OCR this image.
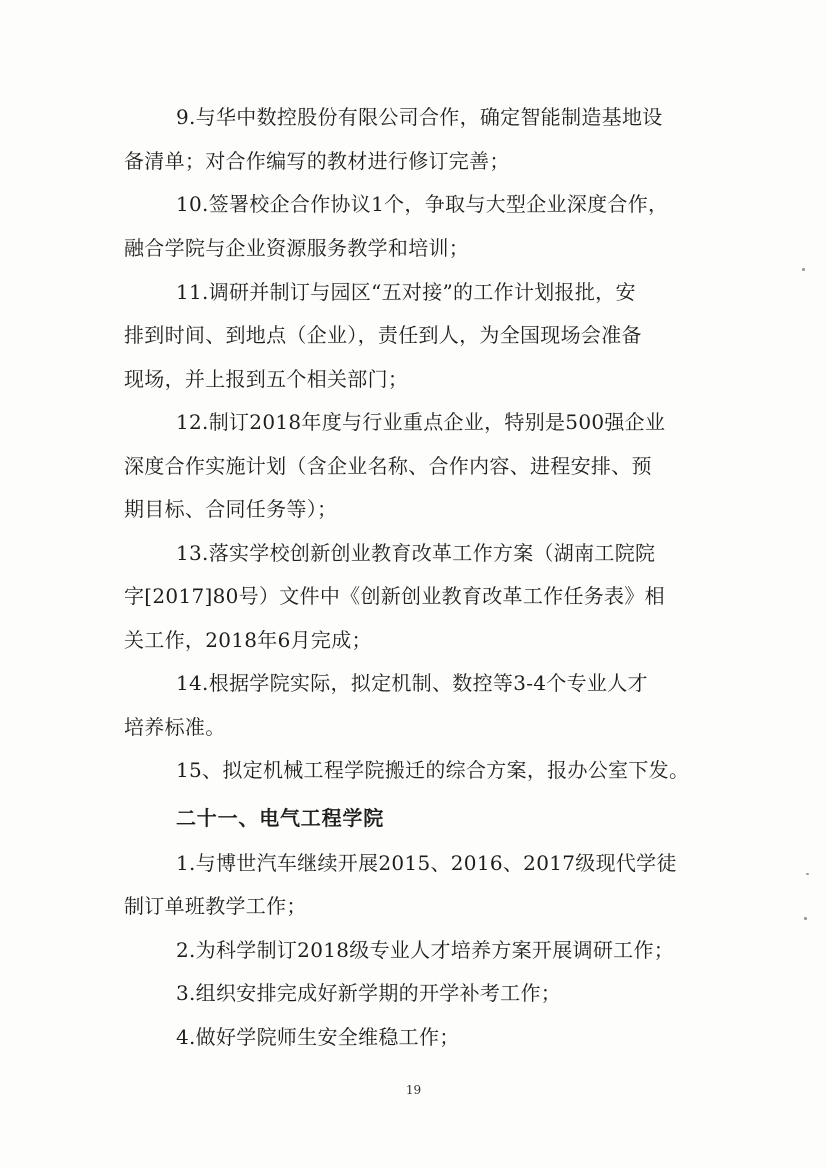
9.与华中数控股份有限公司合作，确定智能制造基地设
备清单；对合作编写的教材进行修订完善；
10.签署校企合作协议1个，争取与大型企业深度合作，
融合学院与企业资源服务教学和培训；
11.调研并制订与园区“五对接”的工作计划报批，安
排到时间、到地点（企业），责任到人，为全国现场会准备
现场，并上报到五个相关部门；
12.制订2018年度与行业重点企业，特别是500强企业
深度合作实施计划（含企业名称、合作内容、进程安排、预
期目标、合同任务等）；
13.落实学校创新创业教育改革工作方案（湖南工院院
字[2017]80号）文件中《创新创业教育改革工作任务表》相
关工作，2018年6月完成；
14.根据学院实际，拟定机制、数控等3-4个专业人才
培养标准。
15、拟定机械工程学院搬迁的综合方案，报办公室下发。
二十一、电气工程学院
1.与博世汽车继续开展2015、2016、2017级现代学徒
制订单班教学工作；
2.为科学制订2018级专业人才培养方案开展调研工作；
3.组织安排完成好新学期的开学补考工作；
4.做好学院师生安全维稳工作；
19
